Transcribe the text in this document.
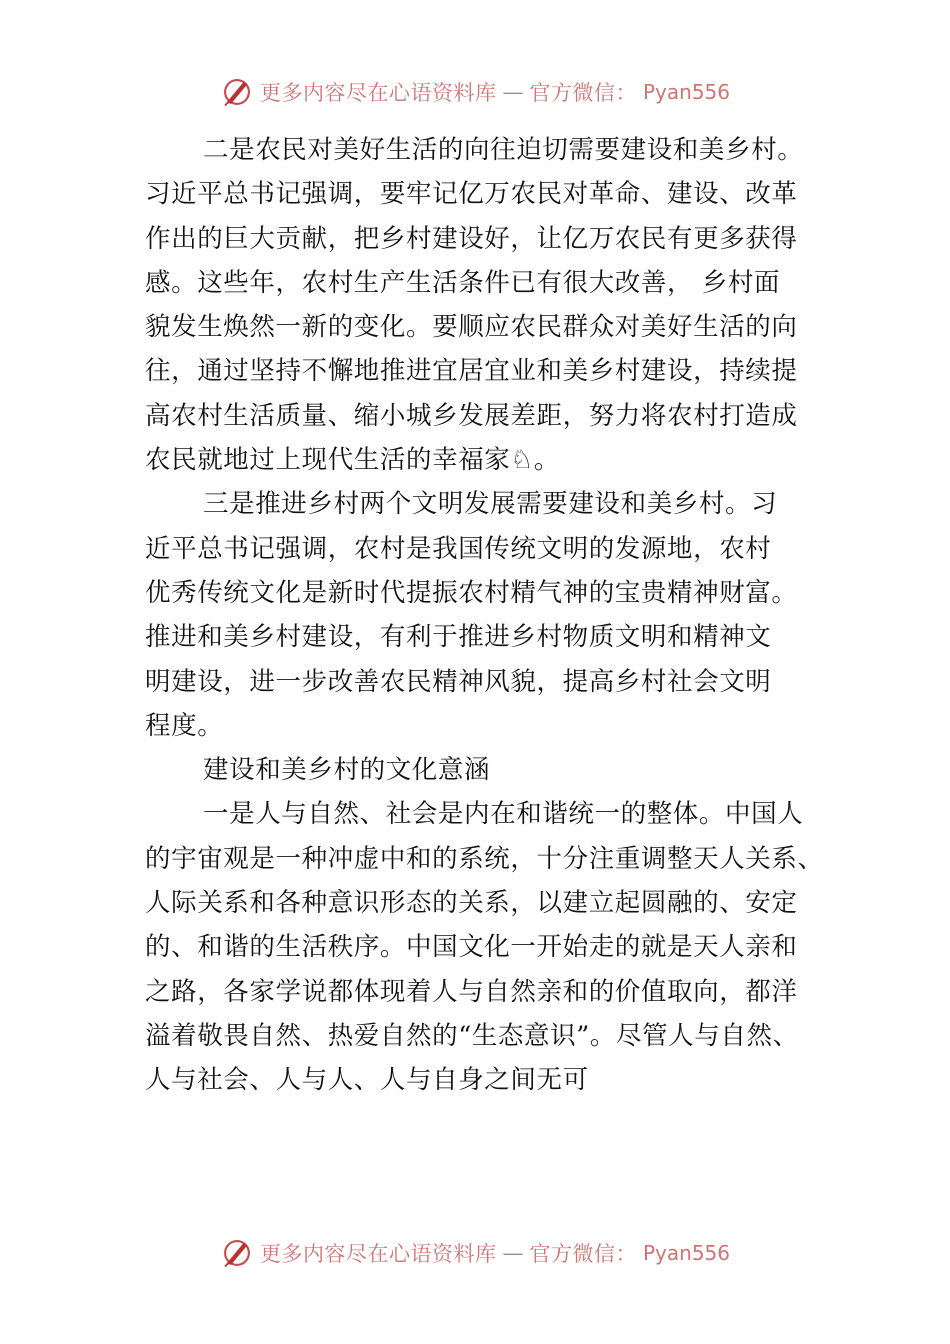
更多内容尽在心语资料库 — 官方微信： Pyan556
二是农民对美好生活的向往迫切需要建设和美乡村。
习近平总书记强调，要牢记亿万农民对革命、建设、改革
作出的巨大贡献，把乡村建设好，让亿万农民有更多获得
感。这些年，农村生产生活条件已有很大改善， 乡村面
貌发生焕然一新的变化。要顺应农民群众对美好生活的向
往，通过坚持不懈地推进宜居宜业和美乡村建设，持续提
高农村生活质量、缩小城乡发展差距，努力将农村打造成
农民就地过上现代生活的幸福家♘。
三是推进乡村两个文明发展需要建设和美乡村。习
近平总书记强调，农村是我国传统文明的发源地，农村
优秀传统文化是新时代提振农村精气神的宝贵精神财富。
推进和美乡村建设，有利于推进乡村物质文明和精神文
明建设，进一步改善农民精神风貌，提高乡村社会文明
程度。
建设和美乡村的文化意涵
一是人与自然、社会是内在和谐统一的整体。中国人
的宇宙观是一种冲虚中和的系统，十分注重调整天人关系、
人际关系和各种意识形态的关系，以建立起圆融的、安定
的、和谐的生活秩序。中国文化一开始走的就是天人亲和
之路，各家学说都体现着人与自然亲和的价值取向，都洋
溢着敬畏自然、热爱自然的“生态意识”。尽管人与自然、
人与社会、人与人、人与自身之间无可
更多内容尽在心语资料库 — 官方微信： Pyan556
